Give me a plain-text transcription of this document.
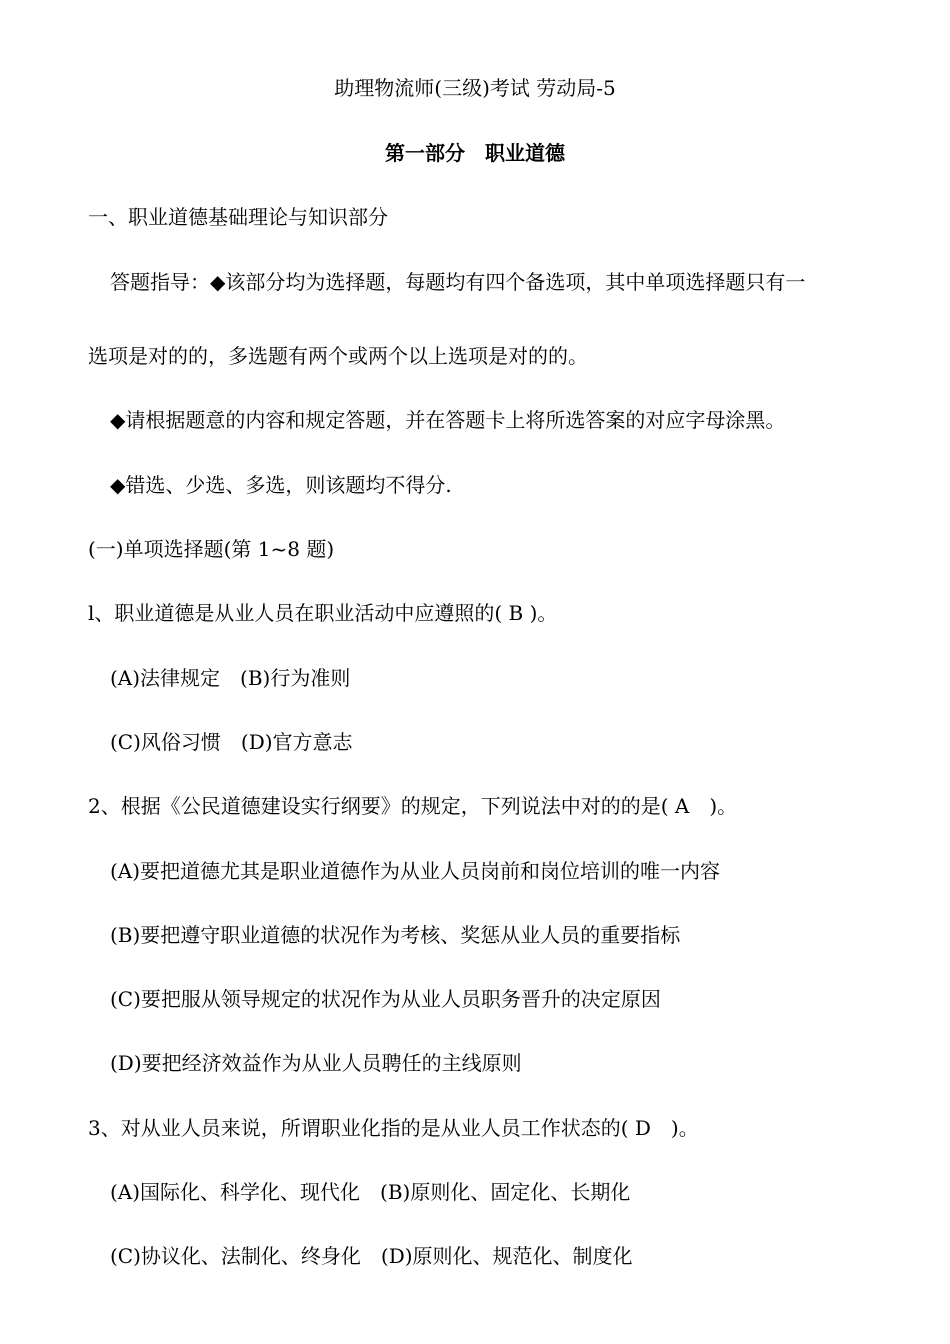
助理物流师(三级)考试 劳动局-5
第一部分　职业道德
一、职业道德基础理论与知识部分
答题指导：◆该部分均为选择题，每题均有四个备选项，其中单项选择题只有一
选项是对的的，多选题有两个或两个以上选项是对的的。
◆请根据题意的内容和规定答题，并在答题卡上将所选答案的对应字母涂黑。
◆错选、少选、多选，则该题均不得分.
(一)单项选择题(第 1~8 题)
l、职业道德是从业人员在职业活动中应遵照的( B )。
(A)法律规定　(B)行为准则
(C)风俗习惯　(D)官方意志
2、根据《公民道德建设实行纲要》的规定，下列说法中对的的是( A　)。
(A)要把道德尤其是职业道德作为从业人员岗前和岗位培训的唯一内容
(B)要把遵守职业道德的状况作为考核、奖惩从业人员的重要指标
(C)要把服从领导规定的状况作为从业人员职务晋升的决定原因
(D)要把经济效益作为从业人员聘任的主线原则
3、对从业人员来说，所谓职业化指的是从业人员工作状态的( D　)。
(A)国际化、科学化、现代化　(B)原则化、固定化、长期化
(C)协议化、法制化、终身化　(D)原则化、规范化、制度化
